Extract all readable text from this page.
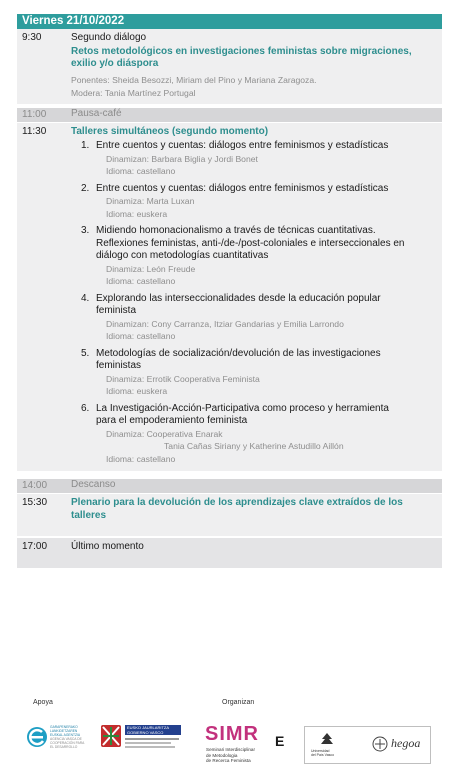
Viernes 21/10/2022
9:30	Segundo diálogo
Retos metodológicos en investigaciones feministas sobre migraciones,
exilio y/o diáspora
Ponentes: Sheida Besozzi, Miriam del Pino y Mariana Zaragoza.
Modera: Tania Martínez Portugal
11:00 Pausa-café
11:30 Talleres simultáneos (segundo momento)
1. Entre cuentos y cuentas: diálogos entre feminismos y estadísticas
Dinamizan: Barbara Biglia y Jordi Bonet
Idioma: castellano
2. Entre cuentos y cuentas: diálogos entre feminismos y estadísticas
Dinamiza: Marta Luxan
Idioma: euskera
3. Midiendo homonacionalismo a través de técnicas cuantitativas.
Reflexiones feministas, anti-/de-/post-coloniales e interseccionales en
diálogo con metodologías cuantitativas
Dinamiza: León Freude
Idioma: castellano
4. Explorando las interseccionalidades desde la educación popular
feminista
Dinamizan: Cony Carranza, Itziar Gandarias y Emilia Larrondo
Idioma: castellano
5. Metodologías de socialización/devolución de las investigaciones
feministas
Dinamiza: Errotik Cooperativa Feminista
Idioma: euskera
6. La Investigación-Acción-Participativa como proceso y herramienta
para el empoderamiento feminista
Dinamiza: Cooperativa Enarak
Tania Cañas Siriany y Katherine Astudillo Aillón
Idioma: castellano
14:00 Descanso
15:30 Plenario para la devolución de los aprendizajes clave extraídos de los
talleres
17:00 Último momento
Apoya	Organizan
GARAPENERAKO
LANKIDETZAREN
EUSKAL AGENTZIA
AGENCIA VASCA DE
COOPERACIÓN PARA
EL DESARROLLO
EUSKO JAURLARITZA
GOBIERNO VASCO	SIMR E
Seminari Interdisciplinar
de Metodologia
de Recerca Feminista
Universidad
del País Vasco
hegoa
